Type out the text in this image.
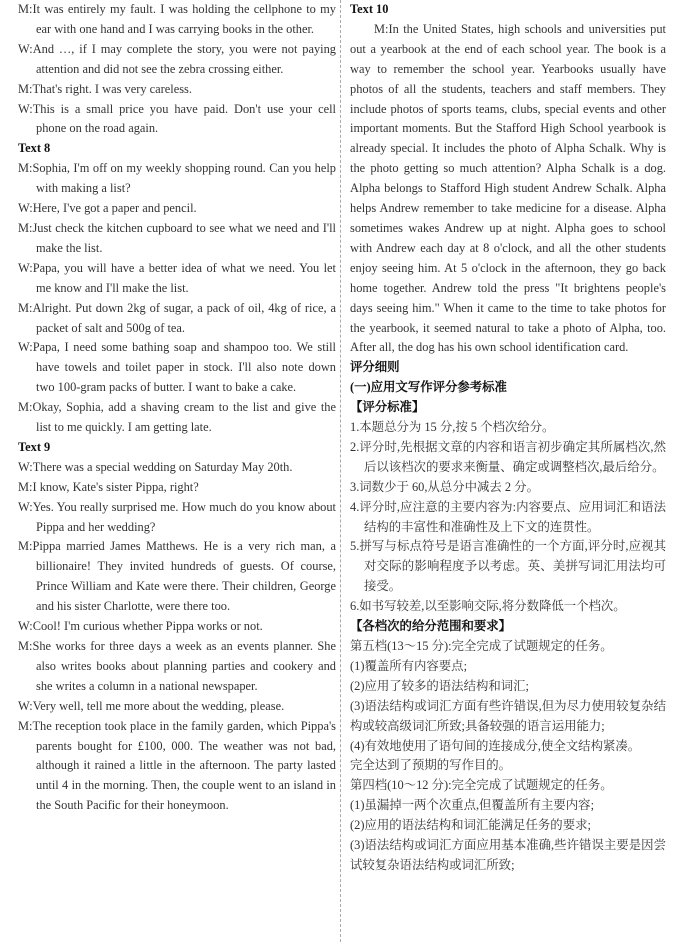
M:It was entirely my fault. I was holding the cellphone to my ear with one hand and I was carrying books in the other.

W:And …, if I may complete the story, you were not paying attention and did not see the zebra crossing either.

M:That's right. I was very careless.

W:This is a small price you have paid. Don't use your cell phone on the road again.

Text 8

M:Sophia, I'm off on my weekly shopping round. Can you help with making a list?

W:Here, I've got a paper and pencil.

M:Just check the kitchen cupboard to see what we need and I'll make the list.

W:Papa, you will have a better idea of what we need. You let me know and I'll make the list.

M:Alright. Put down 2kg of sugar, a pack of oil, 4kg of rice, a packet of salt and 500g of tea.

W:Papa, I need some bathing soap and shampoo too. We still have towels and toilet paper in stock. I'll also note down two 100-gram packs of butter. I want to bake a cake.

M:Okay, Sophia, add a shaving cream to the list and give the list to me quickly. I am getting late.

Text 9

W:There was a special wedding on Saturday May 20th.

M:I know, Kate's sister Pippa, right?

W:Yes. You really surprised me. How much do you know about Pippa and her wedding?

M:Pippa married James Matthews. He is a very rich man, a billionaire! They invited hundreds of guests. Of course, Prince William and Kate were there. Their children, George and his sister Charlotte, were there too.

W:Cool! I'm curious whether Pippa works or not.

M:She works for three days a week as an events planner. She also writes books about planning parties and cookery and she writes a column in a national newspaper.

W:Very well, tell me more about the wedding, please.

M:The reception took place in the family garden, which Pippa's parents bought for £100, 000. The weather was not bad, although it rained a little in the afternoon. The party lasted until 4 in the morning. Then, the couple went to an island in the South Pacific for their honeymoon.

Text 10

M:In the United States, high schools and universities put out a yearbook at the end of each school year. The book is a way to remember the school year. Yearbooks usually have photos of all the students, teachers and staff members. They include photos of sports teams, clubs, special events and other important moments. But the Stafford High School yearbook is already special. It includes the photo of Alpha Schalk. Why is the photo getting so much attention? Alpha Schalk is a dog. Alpha belongs to Stafford High student Andrew Schalk. Alpha helps Andrew remember to take medicine for a disease. Alpha sometimes wakes Andrew up at night. Alpha goes to school with Andrew each day at 8 o'clock, and all the other students enjoy seeing him. At 5 o'clock in the afternoon, they go back home together. Andrew told the press "It brightens people's days seeing him." When it came to the time to take photos for the yearbook, it seemed natural to take a photo of Alpha, too. After all, the dog has his own school identification card.

评分细则

(一)应用文写作评分参考标准

【评分标准】

1.本题总分为 15 分,按 5 个档次给分。

2.评分时,先根据文章的内容和语言初步确定其所属档次,然后以该档次的要求来衡量、确定或调整档次,最后给分。

3.词数少于 60,从总分中减去 2 分。

4.评分时,应注意的主要内容为:内容要点、应用词汇和语法结构的丰富性和准确性及上下文的连贯性。

5.拼写与标点符号是语言准确性的一个方面,评分时,应视其对交际的影响程度予以考虑。英、美拼写词汇用法均可接受。

6.如书写较差,以至影响交际,将分数降低一个档次。

【各档次的给分范围和要求】

第五档(13～15 分):完全完成了试题规定的任务。

(1)覆盖所有内容要点;

(2)应用了较多的语法结构和词汇;

(3)语法结构或词汇方面有些许错误,但为尽力使用较复杂结构或较高级词汇所致;具备较强的语言运用能力;

(4)有效地使用了语句间的连接成分,使全文结构紧凑。

完全达到了预期的写作目的。

第四档(10～12 分):完全完成了试题规定的任务。

(1)虽漏掉一两个次重点,但覆盖所有主要内容;

(2)应用的语法结构和词汇能满足任务的要求;

(3)语法结构或词汇方面应用基本准确,些许错误主要是因尝试较复杂语法结构或词汇所致;
